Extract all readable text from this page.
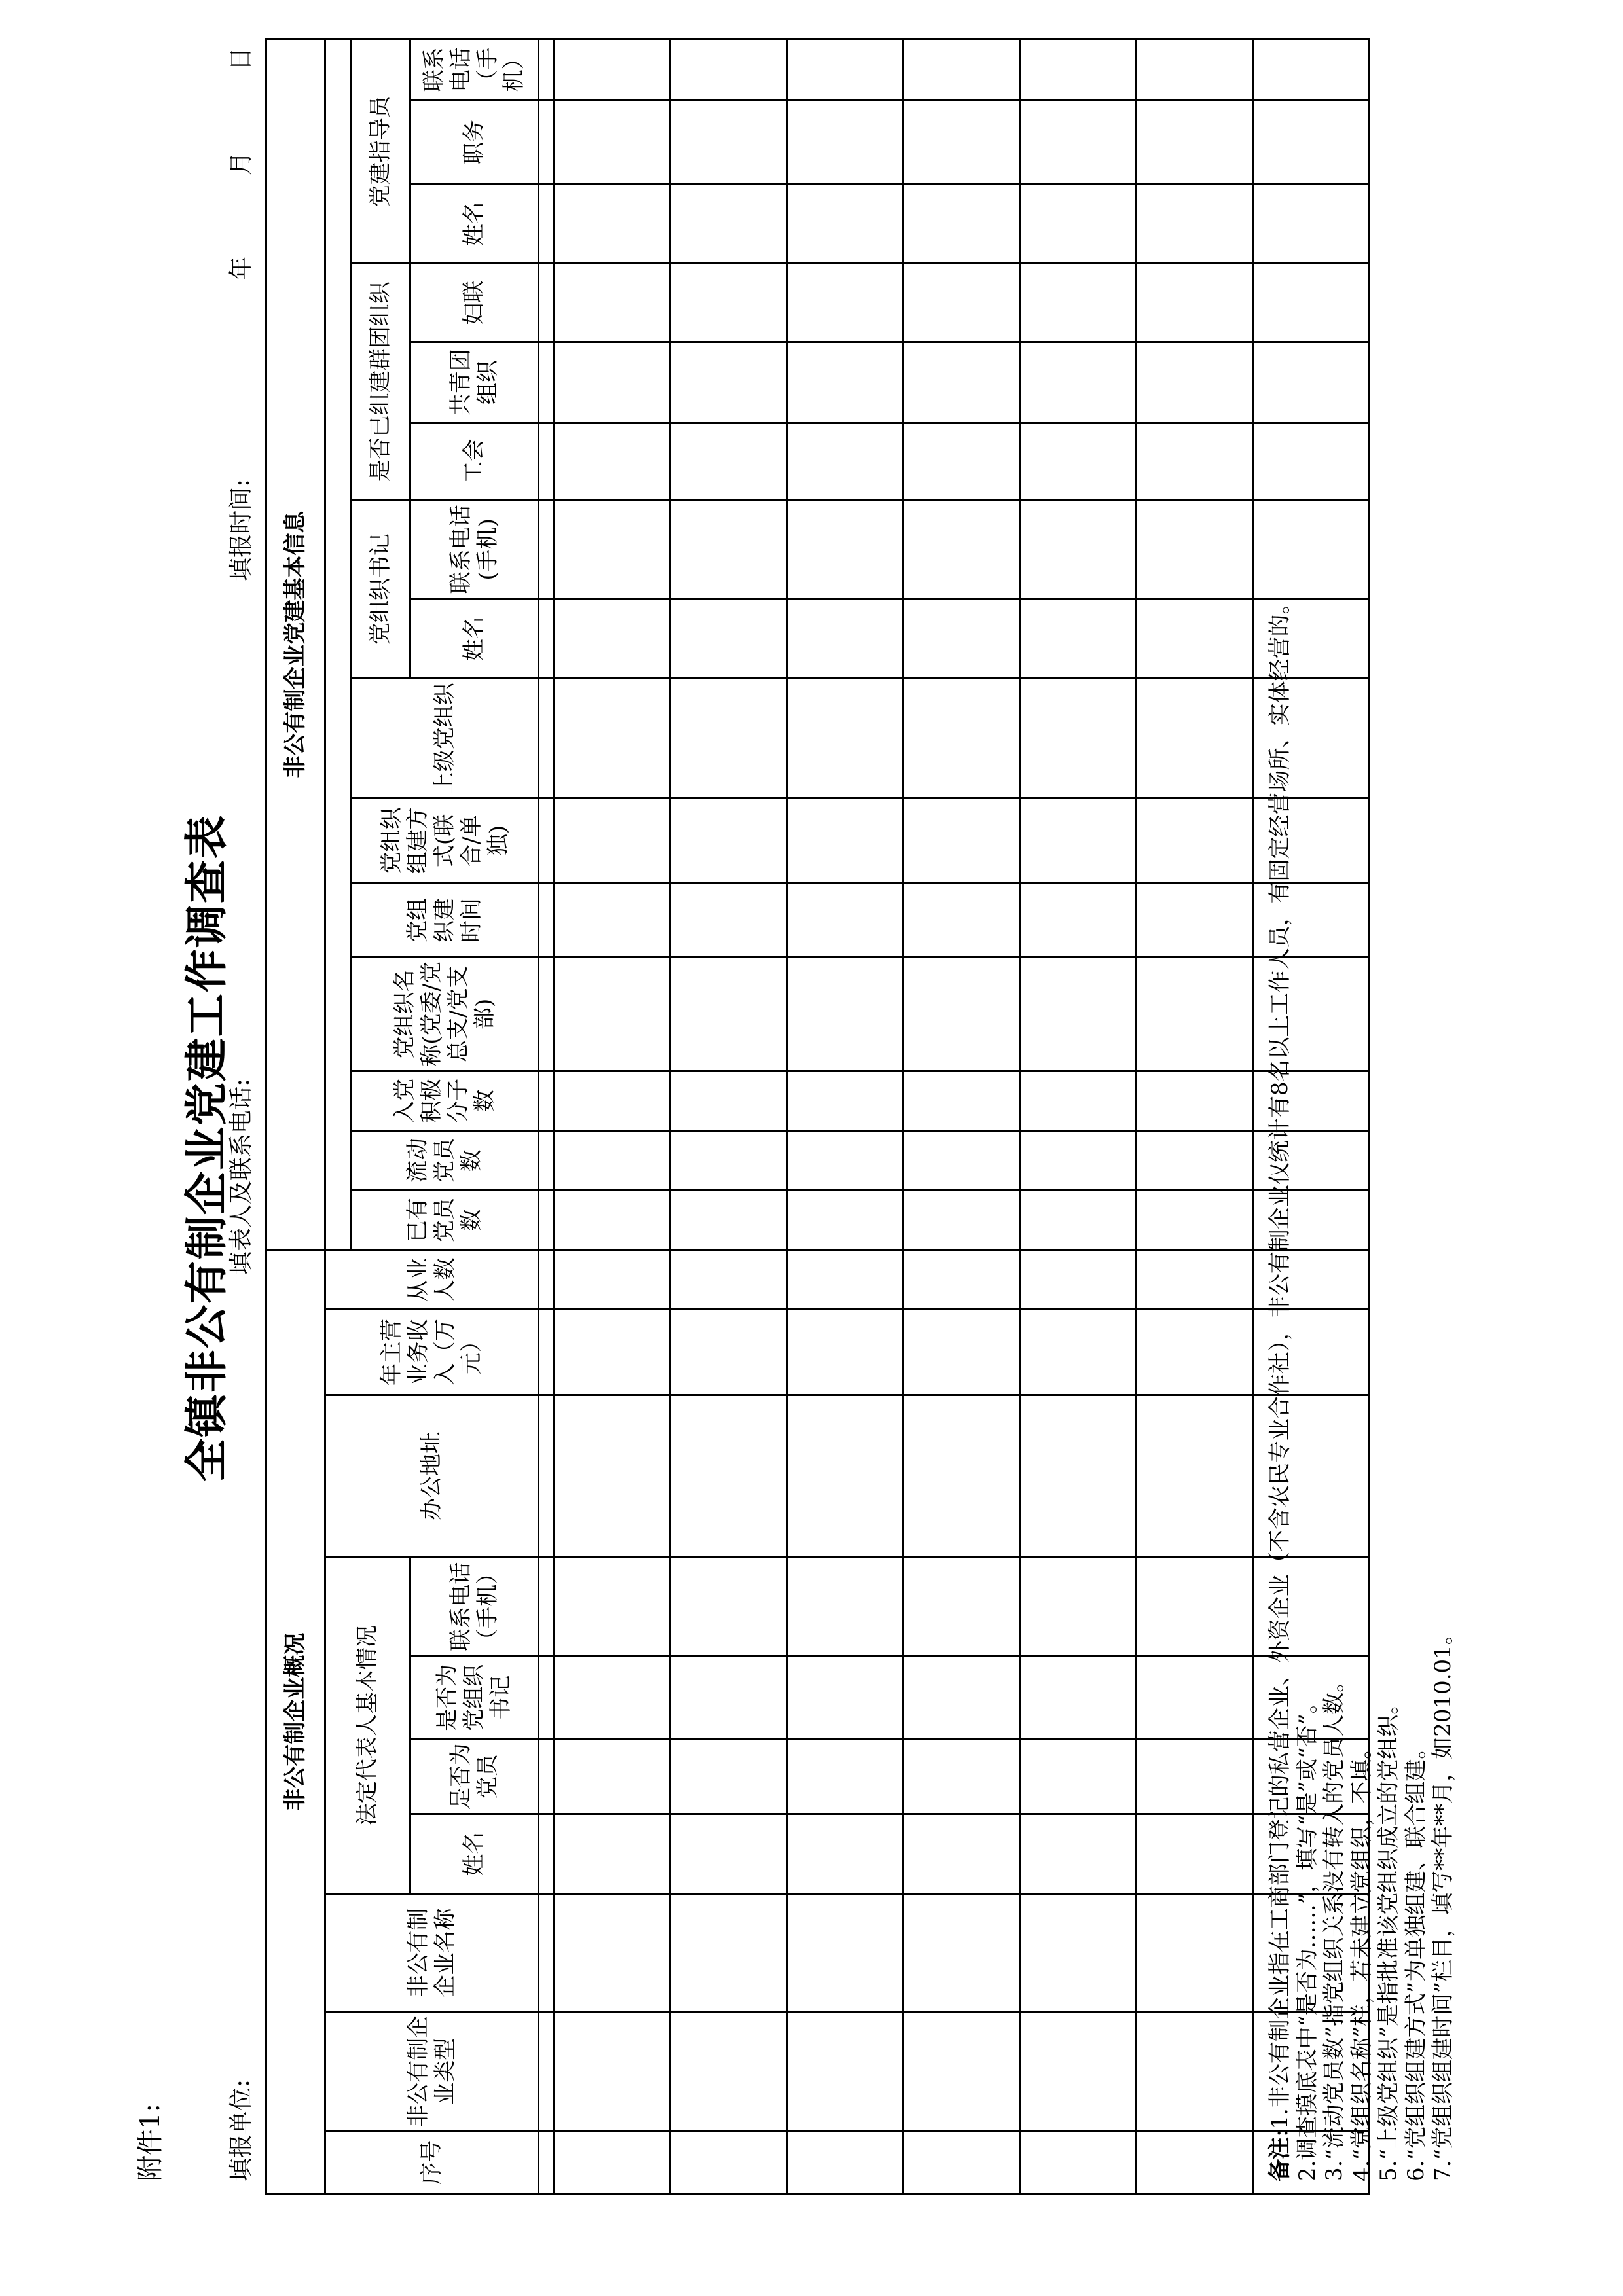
附件1:
全镇非公有制企业党建工作调查表
填报单位:
填表人及联系电话:
填报时间:
年
月
日
非公有制企业概况										非公有制企业党建基本信息														
序号	非公有制企业类型	非公有制企业名称	法定代表人基本情况				办公地址	年主营业务收入（万元）	从业人数															
										已有党员数	流动党员数	入党积极分子数	党组织名称(党委/党总支/党支部)	党组织建时间	党组织组建方式(联合/单独)	上级党组织	党组织书记		是否已组建群团组织			党建指导员		
			姓名	是否为党员	是否为党组织书记	联系电话（手机）											姓名	联系电话(手机)	工会	共青团组织	妇联	姓名	职务	联系电话（手机）

备注:1.非公有制企业指在工商部门登记的私营企业、外资企业（不含农民专业合作社），非公有制企业仅统计有8名以上工作人员，有固定经营场所、实体经营的。 2.调查摸底表中“是否为……”，填写“是”或“否”。 3.“流动党员数”指党组织关系没有转入的党员人数。 4.“党组织名称”栏，若未建立党组织，不填。 5.“上级党组织”是指批准该党组织成立的党组织。 6.“党组织组建方式”为单独组建、联合组建。 7.“党组织组建时间”栏目，填写**年**月，如2010.01。
